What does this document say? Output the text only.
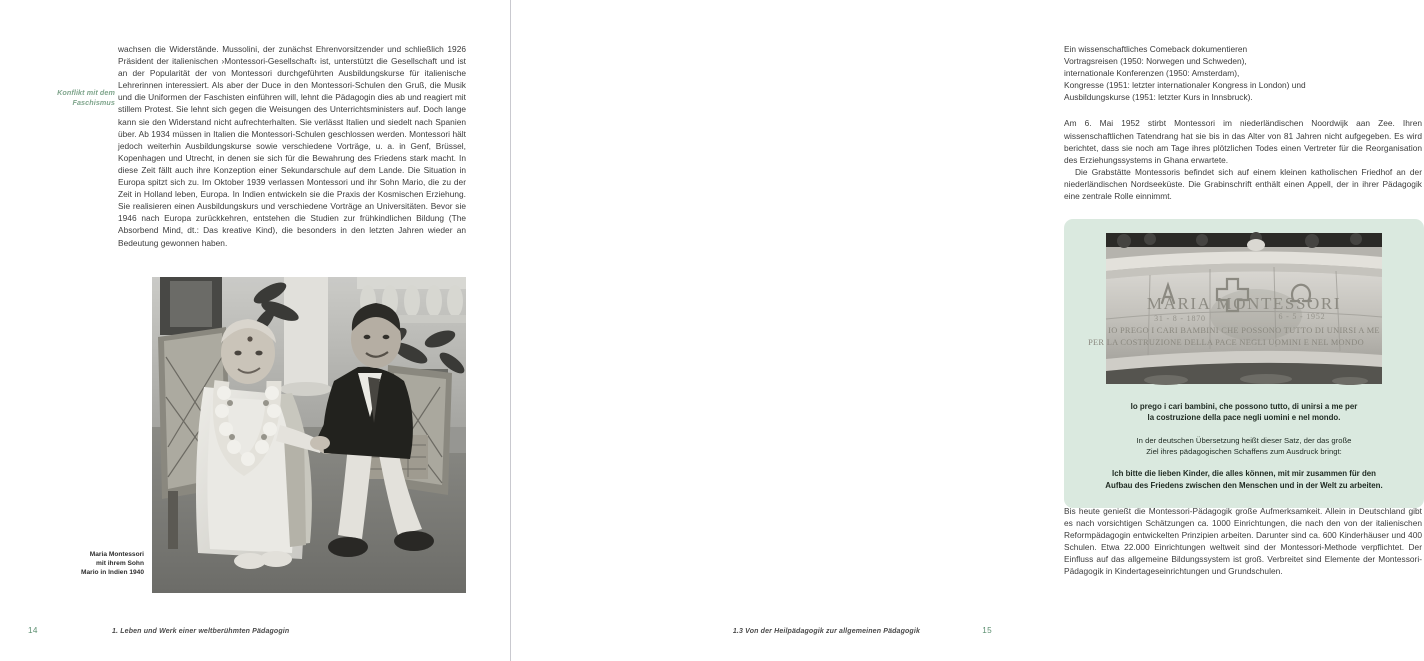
Konflikt mit dem Faschismus

wachsen die Widerstände. Mussolini, der zunächst Ehrenvorsitzender und schließlich 1926 Präsident der italienischen ›Montessori-Gesellschaft‹ ist, unterstützt die Gesellschaft und ist an der Popularität der von Montessori durchgeführten Ausbildungskurse für italienische Lehrerinnen interessiert. Als aber der Duce in den Montessori-Schulen den Gruß, die Musik und die Uniformen der Faschisten einführen will, lehnt die Pädagogin dies ab und reagiert mit stillem Protest. Sie lehnt sich gegen die Weisungen des Unterrichtsministers auf. Doch lange kann sie den Widerstand nicht aufrechterhalten. Sie verlässt Italien und siedelt nach Spanien über. Ab 1934 müssen in Italien die Montessori-Schulen geschlossen werden. Montessori hält jedoch weiterhin Ausbildungskurse sowie verschiedene Vorträge, u. a. in Genf, Brüssel, Kopenhagen und Utrecht, in denen sie sich für die Bewahrung des Friedens stark macht. In diese Zeit fällt auch ihre Konzeption einer Sekundarschule auf dem Lande. Die Situation in Europa spitzt sich zu. Im Oktober 1939 verlassen Montessori und ihr Sohn Mario, die zu der Zeit in Holland leben, Europa. In Indien entwickeln sie die Praxis der Kosmischen Erziehung. Sie realisieren einen Ausbildungskurs und verschiedene Vorträge an Universitäten. Bevor sie 1946 nach Europa zurückkehren, entstehen die Studien zur frühkindlichen Bildung (The Absorbend Mind, dt.: Das kreative Kind), die besonders in den letzten Jahren wieder an Bedeutung gewonnen haben.

Maria Montessori
mit ihrem Sohn
Mario in Indien 1940
14	1. Leben und Werk einer weltberühmten Pädagogin
Ein wissenschaftliches Comeback dokumentieren
Vortragsreisen (1950: Norwegen und Schweden),
internationale Konferenzen (1950: Amsterdam),
Kongresse (1951: letzter internationaler Kongress in London) und
Ausbildungskurse (1951: letzter Kurs in Innsbruck).

Am 6. Mai 1952 stirbt Montessori im niederländischen Noordwijk aan Zee. Ihren wissenschaftlichen Tatendrang hat sie bis in das Alter von 81 Jahren nicht aufgegeben. Es wird berichtet, dass sie noch am Tage ihres plötzlichen Todes einen Vertreter für die Reorganisation des Erziehungssystems in Ghana erwartete.

Die Grabstätte Montessoris befindet sich auf einem kleinen katholischen Friedhof an der niederländischen Nordseeküste. Die Grabinschrift enthält einen Appell, der in ihrer Pädagogik eine zentrale Rolle einnimmt.

MARIA MONTESSORI
31 - 8 - 1870	6 - 5 - 1952
IO PREGO I CARI BAMBINI CHE POSSONO TUTTO DI UNIRSI A ME
PER LA COSTRUZIONE DELLA PACE NEGLI UOMINI E NEL MONDO
Io prego i cari bambini, che possono tutto, di unirsi a me per
la costruzione della pace negli uomini e nel mondo.
In der deutschen Übersetzung heißt dieser Satz, der das große
Ziel ihres pädagogischen Schaffens zum Ausdruck bringt:
Ich bitte die lieben Kinder, die alles können, mit mir zusammen für den
Aufbau des Friedens zwischen den Menschen und in der Welt zu arbeiten.

Bis heute genießt die Montessori-Pädagogik große Aufmerksamkeit. Allein in Deutschland gibt es nach vorsichtigen Schätzungen ca. 1000 Einrichtungen, die nach den von der italienischen Reformpädagogin entwickelten Prinzipien arbeiten. Darunter sind ca. 600 Kinderhäuser und 400 Schulen. Etwa 22.000 Einrichtungen weltweit sind der Montessori-Methode verpflichtet. Der Einfluss auf das allgemeine Bildungssystem ist groß. Verbreitet sind Elemente der Montessori-Pädagogik in Kindertageseinrichtungen und Grundschulen.

1.3 Von der Heilpädagogik zur allgemeinen Pädagogik	15
